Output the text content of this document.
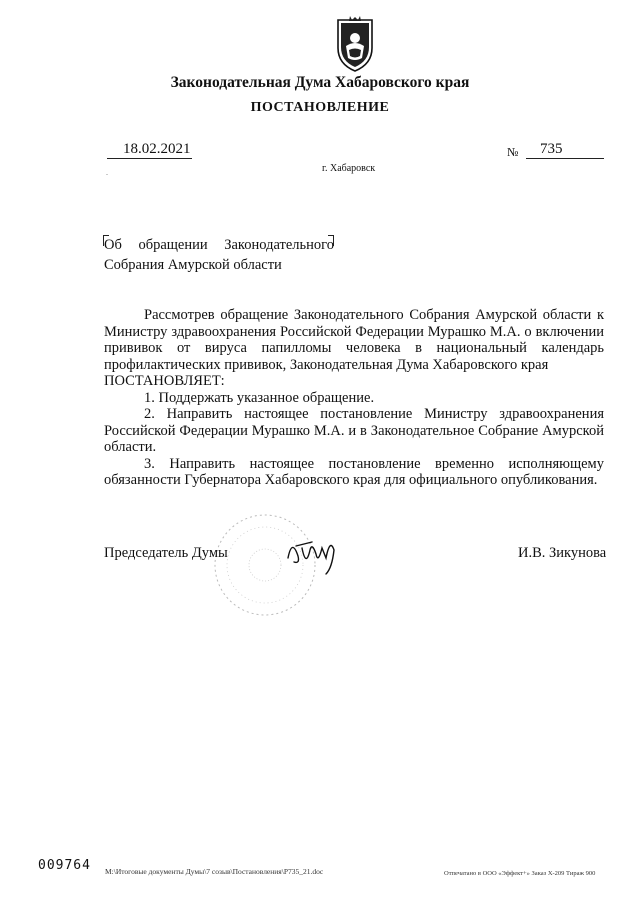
Законодательная Дума Хабаровского края
ПОСТАНОВЛЕНИЕ
18.02.2021	№	735
г. Хабаровск
.
Об обращении Законодательного
Собрания Амурской области

Рассмотрев обращение Законодательного Собрания Амурской области к Министру здравоохранения Российской Федерации Мурашко М.А. о включении прививок от вируса папилломы человека в национальный календарь профилактических прививок, Законодательная Дума Хабаровского края

ПОСТАНОВЛЯЕТ:

1. Поддержать указанное обращение.

2. Направить настоящее постановление Министру здравоохранения Российской Федерации Мурашко М.А. и в Законодательное Собрание Амурской области.

3. Направить настоящее постановление временно исполняющему обязанности Губернатора Хабаровского края для официального опубликования.

Председатель Думы	И.В. Зикунова
009764 M:\Итоговые документы Думы\7 созыв\Постановления\P735_21.doc	Отпечатано в ООО «Эффект+» Заказ Х-209 Тираж 900
